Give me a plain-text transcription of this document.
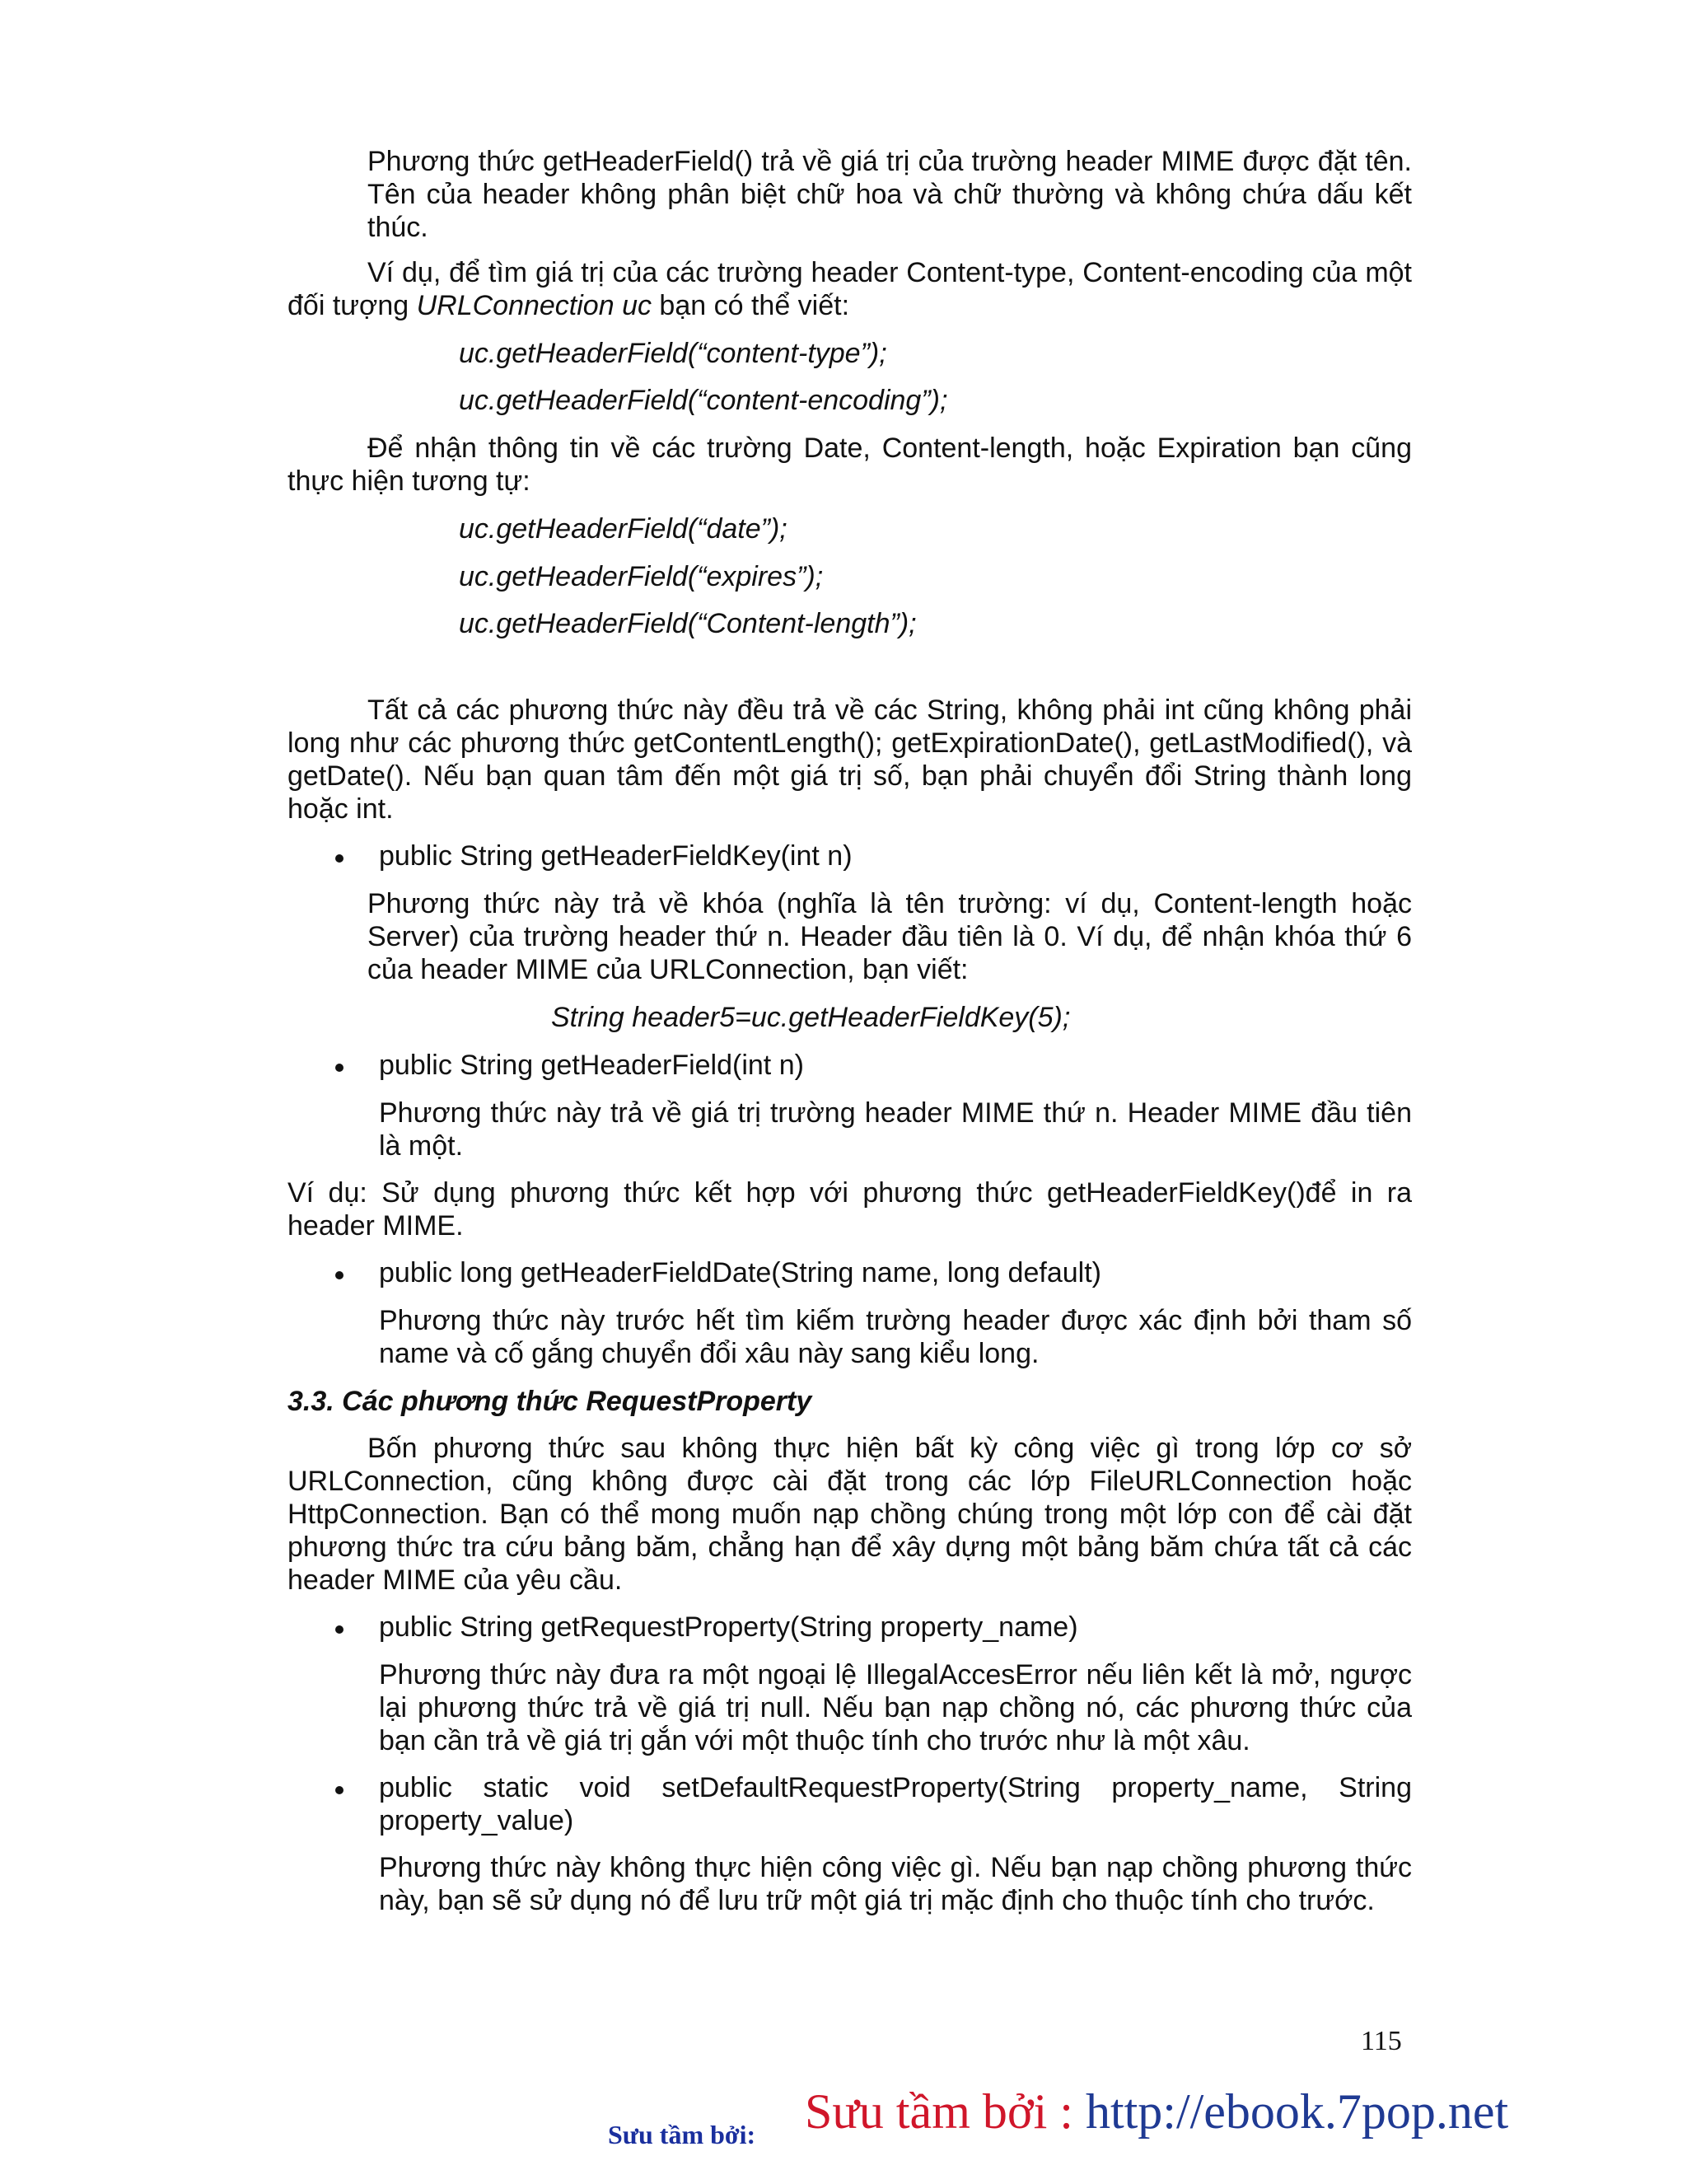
Phương thức getHeaderField() trả về giá trị của trường header MIME được đặt tên. Tên của header không phân biệt chữ hoa và chữ thường và không chứa dấu kết thúc.

Ví dụ, để tìm giá trị của các trường header Content-type, Content-encoding của một đối tượng URLConnection uc bạn có thể viết:

uc.getHeaderField(“content-type”);

uc.getHeaderField(“content-encoding”);

Để nhận thông tin về các trường Date, Content-length, hoặc Expiration bạn cũng thực hiện tương tự:

uc.getHeaderField(“date”);

uc.getHeaderField(“expires”);

uc.getHeaderField(“Content-length”);

Tất cả các phương thức này đều trả về các String, không phải int cũng không phải long như các phương thức getContentLength(); getExpirationDate(), getLastModified(), và getDate(). Nếu bạn quan tâm đến một giá trị số, bạn phải chuyển đổi String thành long hoặc int.

public String getHeaderFieldKey(int n)

Phương thức này trả về khóa (nghĩa là tên trường: ví dụ, Content-length hoặc Server) của trường header thứ n. Header đầu tiên là 0. Ví dụ, để nhận khóa thứ 6 của header MIME của URLConnection, bạn viết:

String header5=uc.getHeaderFieldKey(5);

public String getHeaderField(int n)

Phương thức này trả về giá trị trường header MIME thứ n. Header MIME đầu tiên là một.

Ví dụ: Sử dụng phương thức kết hợp với phương thức getHeaderFieldKey()để in ra header MIME.

public long getHeaderFieldDate(String name, long default)

Phương thức này trước hết tìm kiếm trường header được xác định bởi tham số name và cố gắng chuyển đổi xâu này sang kiểu long.

3.3. Các phương thức RequestProperty

Bốn phương thức sau không thực hiện bất kỳ công việc gì trong lớp cơ sở URLConnection, cũng không được cài đặt trong các lớp FileURLConnection hoặc HttpConnection. Bạn có thể mong muốn nạp chồng chúng trong một lớp con để cài đặt phương thức tra cứu bảng băm, chẳng hạn để xây dựng một bảng băm chứa tất cả các header MIME của yêu cầu.

public String getRequestProperty(String property_name)

Phương thức này đưa ra một ngoại lệ IllegalAccesError nếu liên kết là mở, ngược lại phương thức trả về giá trị null. Nếu bạn nạp chồng nó, các phương thức của bạn cần trả về giá trị gắn với một thuộc tính cho trước như là một xâu.

public static void setDefaultRequestProperty(String property_name, String property_value)

Phương thức này không thực hiện công việc gì. Nếu bạn nạp chồng phương thức này, bạn sẽ sử dụng nó để lưu trữ một giá trị mặc định cho thuộc tính cho trước.

115
Sưu tầm bởi: Sưu tầm bởi : http://ebook.7pop.net
